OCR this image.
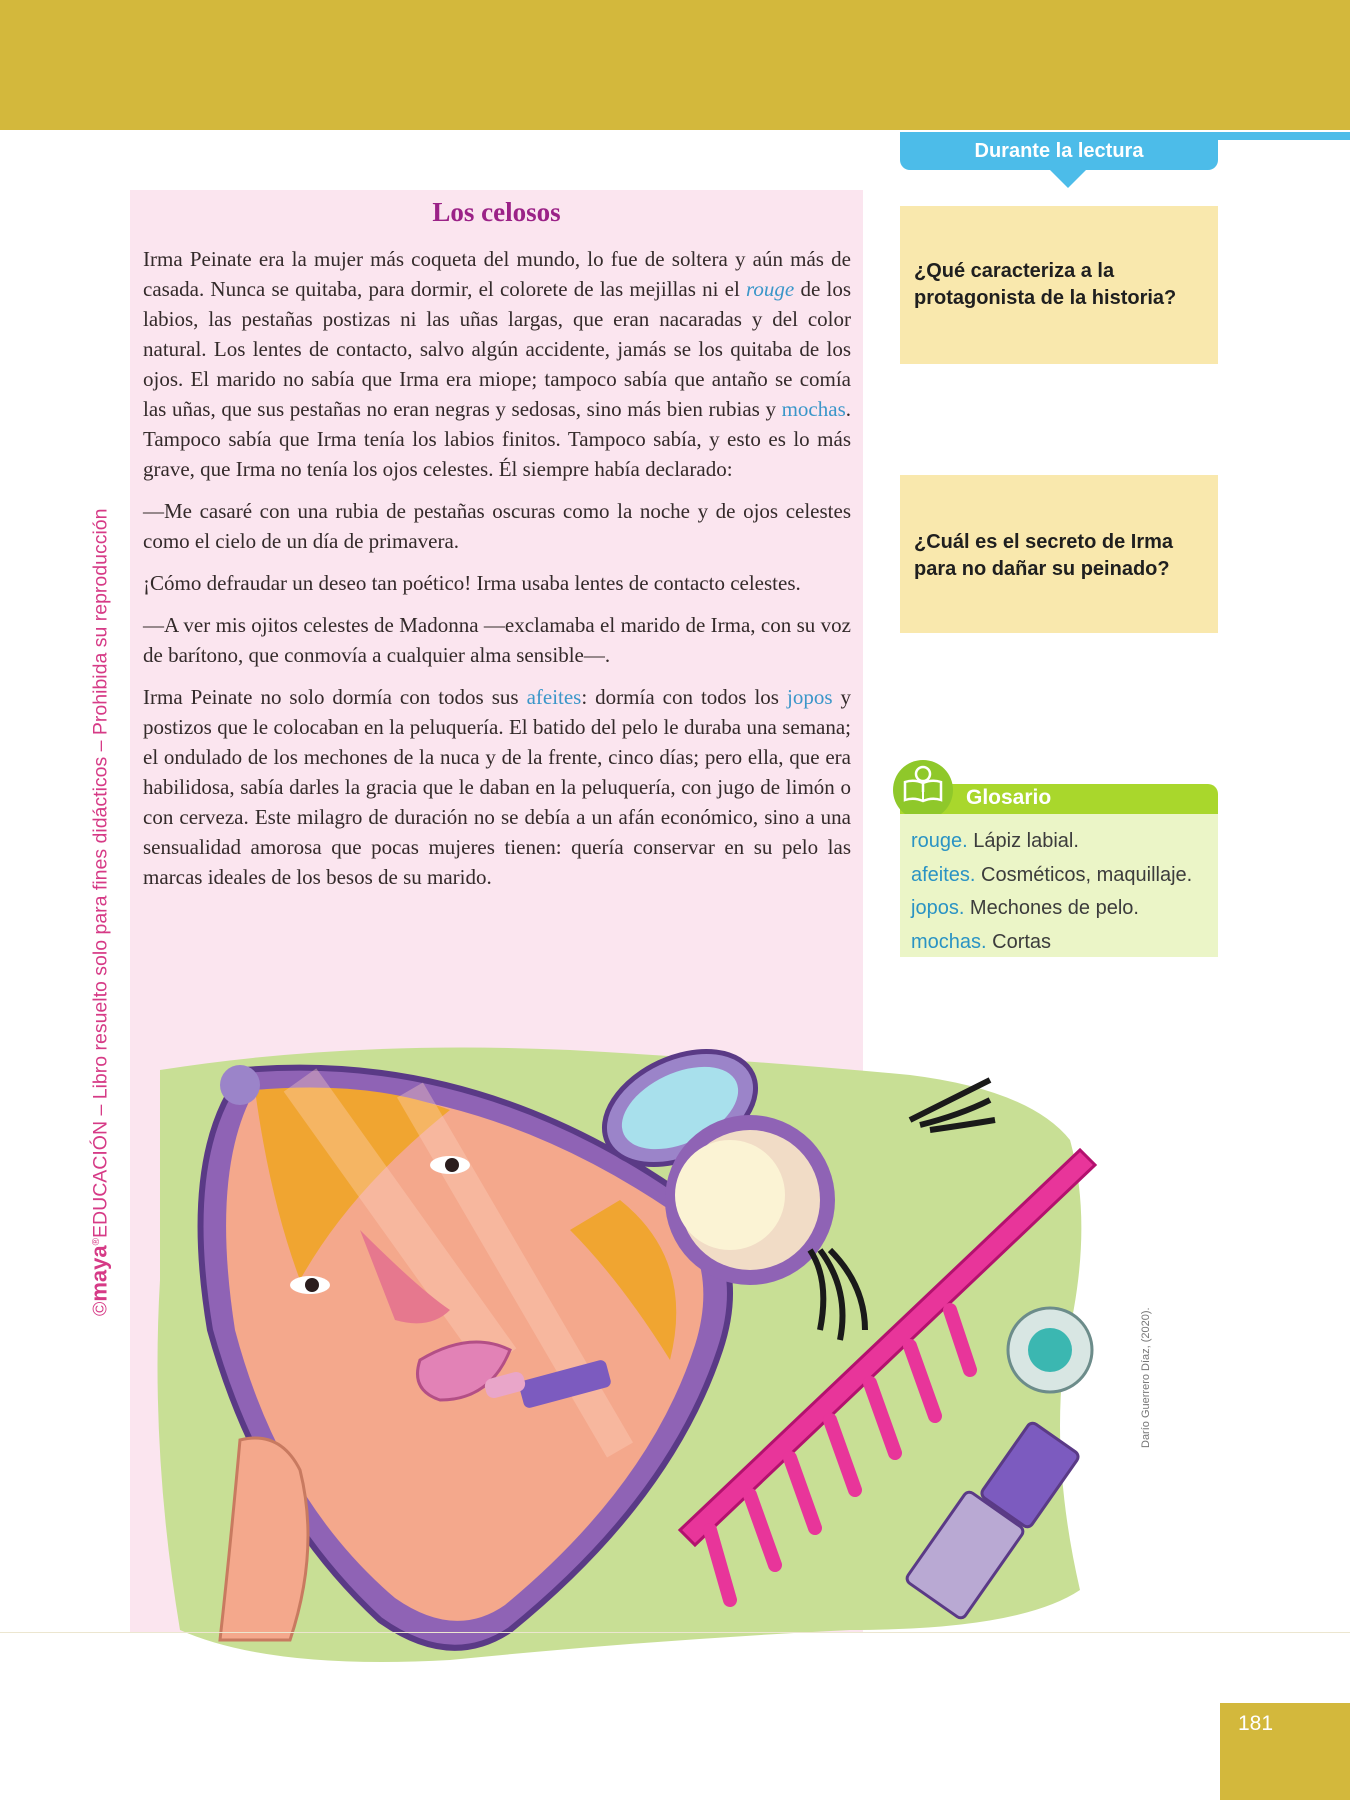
©maya®EDUCACIÓN – Libro resuelto solo para fines didácticos – Prohibida su reproducción
Los celosos

Irma Peinate era la mujer más coqueta del mundo, lo fue de soltera y aún más de casada. Nunca se quitaba, para dormir, el colorete de las mejillas ni el rouge de los labios, las pestañas postizas ni las uñas largas, que eran nacaradas y del color natural. Los lentes de contacto, salvo algún accidente, jamás se los quitaba de los ojos. El marido no sabía que Irma era miope; tampoco sabía que antaño se comía las uñas, que sus pestañas no eran negras y sedosas, sino más bien rubias y mochas. Tampoco sabía que Irma tenía los labios finitos. Tampoco sabía, y esto es lo más grave, que Irma no tenía los ojos celestes. Él siempre había declarado:

—Me casaré con una rubia de pestañas oscuras como la noche y de ojos celestes como el cielo de un día de primavera.

¡Cómo defraudar un deseo tan poético! Irma usaba lentes de contacto celestes.

—A ver mis ojitos celestes de Madonna —exclamaba el marido de Irma, con su voz de barítono, que conmovía a cualquier alma sensible—.

Irma Peinate no solo dormía con todos sus afeites: dormía con todos los jopos y postizos que le colocaban en la peluquería. El batido del pelo le duraba una semana; el ondulado de los mechones de la nuca y de la frente, cinco días; pero ella, que era habilidosa, sabía darles la gracia que le daban en la peluquería, con jugo de limón o con cerveza. Este milagro de duración no se debía a un afán económico, sino a una sensualidad amorosa que pocas mujeres tienen: quería conservar en su pelo las marcas ideales de los besos de su marido.

Durante la lectura
¿Qué caracteriza a la protagonista de la historia?
¿Cuál es el secreto de Irma para no dañar su peinado?
Glosario
rouge. Lápiz labial.
afeites. Cosméticos, maquillaje.
jopos. Mechones de pelo.
mochas. Cortas
Darío Guerrero Díaz, (2020).
181
